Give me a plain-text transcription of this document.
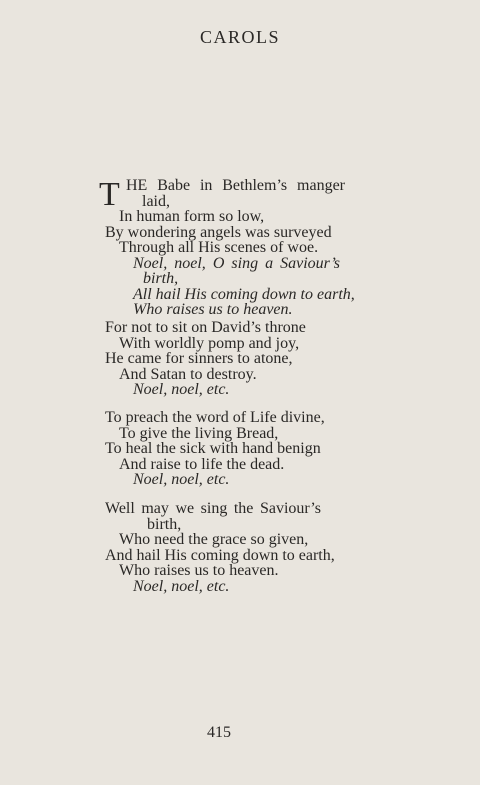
CAROLS
T HE Babe in Bethlem’s manger
laid,
In human form so low,
By wondering angels was surveyed
Through all His scenes of woe.
Noel, noel, O sing a Saviour’s
birth,
All hail His coming down to earth,
Who raises us to heaven.
For not to sit on David’s throne
With worldly pomp and joy,
He came for sinners to atone,
And Satan to destroy.
Noel, noel, etc.
To preach the word of Life divine,
To give the living Bread,
To heal the sick with hand benign
And raise to life the dead.
Noel, noel, etc.
Well may we sing the Saviour’s
birth,
Who need the grace so given,
And hail His coming down to earth,
Who raises us to heaven.
Noel, noel, etc.
415
